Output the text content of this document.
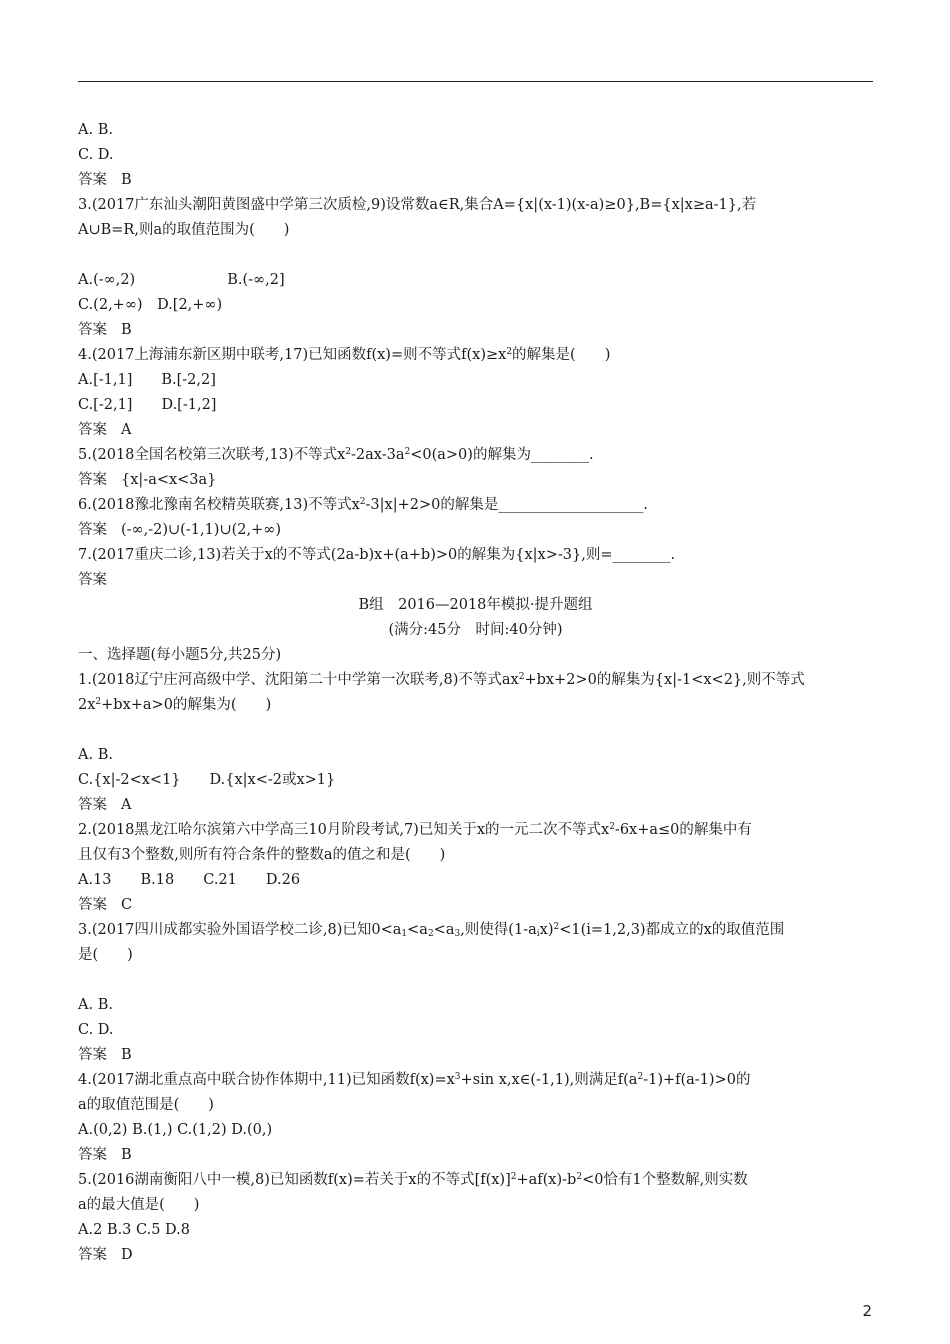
A. B.
C. D.
答案 B
3.(2017广东汕头潮阳黄图盛中学第三次质检,9)设常数a∈R,集合A={x|(x-1)(x-a)≥0},B={x|x≥a-1},若
A∪B=R,则a的取值范围为(　　)
A.(-∞,2)	B.(-∞,2]
C.(2,+∞)　D.[2,+∞)
答案 B
4.(2017上海浦东新区期中联考,17)已知函数f(x)=则不等式$f(x)\ge x^2$的解集是(　　)
A.[-1,1]　　B.[-2,2]
C.[-2,1]　　D.[-1,2]
答案 A
5.(2018全国名校第三次联考,13)不等式$x^2-2ax-3a^2<0(a>0)$的解集为________.
答案 {x|-a<x<3a}
6.(2018豫北豫南名校精英联赛,13)不等式$x^2-3|x|+2>0$的解集是____________________.
答案 (-∞,-2)∪(-1,1)∪(2,+∞)
7.(2017重庆二诊,13)若关于x的不等式(2a-b)x+(a+b)>0的解集为{x|x>-3},则=________.
答案
B组　2016—2018年模拟·提升题组
(满分:45分　时间:40分钟)
一、选择题(每小题5分,共25分)
1.(2018辽宁庄河高级中学、沈阳第二十中学第一次联考,8)不等式$ax^2+bx+2>0$的解集为{x|-1<x<2},则不等式
$2x^2+bx+a>0$的解集为(　　)
A. B.
C.{x|-2<x<1}　　D.{x|x<-2或x>1}
答案 A
2.(2018黑龙江哈尔滨第六中学高三10月阶段考试,7)已知关于x的一元二次不等式$x^2-6x+a\le 0$的解集中有
且仅有3个整数,则所有符合条件的整数a的值之和是(　　)
A.13　　B.18　　C.21　　D.26
答案 C
3.(2017四川成都实验外国语学校二诊,8)已知$0<a_1<a_2<a_3$,则使得$(1-a_ix)^2<1(i=1,2,3)$都成立的x的取值范围
是(　　)
A. B.
C. D.
答案 B
4.(2017湖北重点高中联合协作体期中,11)已知函数$f(x)=x^3+\sin$ x,x∈(-1,1),则满足$f(a^2-1)+f(a-1)>0$的
a的取值范围是(　　)
A.(0,2) B.(1,) C.(1,2) D.(0,)
答案 B
5.(2016湖南衡阳八中一模,8)已知函数f(x)=若关于x的不等式$[f(x)]^2+af(x)-b^2<0$恰有1个整数解,则实数
a的最大值是(　　)
A.2 B.3 C.5 D.8
答案 D
2
